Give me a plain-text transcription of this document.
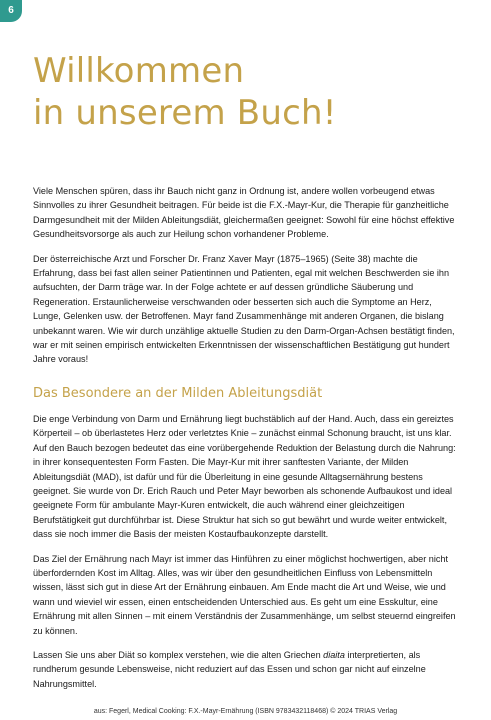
6
Willkommen
in unserem Buch!

Viele Menschen spüren, dass ihr Bauch nicht ganz in Ordnung ist, andere wollen vorbeugend etwas Sinnvolles zu ihrer Gesundheit beitragen. Für beide ist die F.X.-Mayr-Kur, die Therapie für ganzheitliche Darmgesundheit mit der Milden Ableitungsdiät, gleichermaßen geeignet: Sowohl für eine höchst effektive Gesundheitsvorsorge als auch zur Heilung schon vorhandener Probleme.

Der österreichische Arzt und Forscher Dr. Franz Xaver Mayr (1875–1965) (Seite 38) machte die Erfahrung, dass bei fast allen seiner Patientinnen und Patienten, egal mit welchen Beschwerden sie ihn aufsuchten, der Darm träge war. In der Folge achtete er auf dessen gründliche Säuberung und Regeneration. Erstaunlicherweise verschwanden oder besserten sich auch die Symptome an Herz, Lunge, Gelenken usw. der Betroffenen. Mayr fand Zusammenhänge mit anderen Organen, die bislang unbekannt waren. Wie wir durch unzählige aktuelle Studien zu den Darm-Organ-Achsen bestätigt finden, war er mit seinen empirisch entwickelten Erkenntnissen der wissenschaftlichen Bestätigung gut hundert Jahre voraus!

Das Besondere an der Milden Ableitungsdiät

Die enge Verbindung von Darm und Ernährung liegt buchstäblich auf der Hand. Auch, dass ein gereiztes Körperteil – ob überlastetes Herz oder verletztes Knie – zunächst einmal Schonung braucht, ist uns klar. Auf den Bauch bezogen bedeutet das eine vorübergehende Reduktion der Belastung durch die Nahrung: in ihrer konsequentesten Form Fasten. Die Mayr-Kur mit ihrer sanftesten Variante, der Milden Ableitungsdiät (MAD), ist dafür und für die Überleitung in eine gesunde Alltagsernährung bestens geeignet. Sie wurde von Dr. Erich Rauch und Peter Mayr beworben als schonende Aufbaukost und ideal geeignete Form für ambulante Mayr-Kuren entwickelt, die auch während einer gleichzeitigen Berufstätigkeit gut durchführbar ist. Diese Struktur hat sich so gut bewährt und wurde weiter entwickelt, dass sie noch immer die Basis der meisten Kostaufbaukonzepte darstellt.

Das Ziel der Ernährung nach Mayr ist immer das Hinführen zu einer möglichst hochwertigen, aber nicht überfordernden Kost im Alltag. Alles, was wir über den gesundheitlichen Einfluss von Lebensmitteln wissen, lässt sich gut in diese Art der Ernährung einbauen. Am Ende macht die Art und Weise, wie und wann und wieviel wir essen, einen entscheidenden Unterschied aus. Es geht um eine Esskultur, eine Ernährung mit allen Sinnen – mit einem Verständnis der Zusammenhänge, um selbst steuernd eingreifen zu können.

Lassen Sie uns aber Diät so komplex verstehen, wie die alten Griechen diaita interpretierten, als rundherum gesunde Lebensweise, nicht reduziert auf das Essen und schon gar nicht auf einzelne Nahrungsmittel.

aus: Fegerl, Medical Cooking: F.X.-Mayr-Ernährung (ISBN 9783432118468) © 2024 TRIAS Verlag
